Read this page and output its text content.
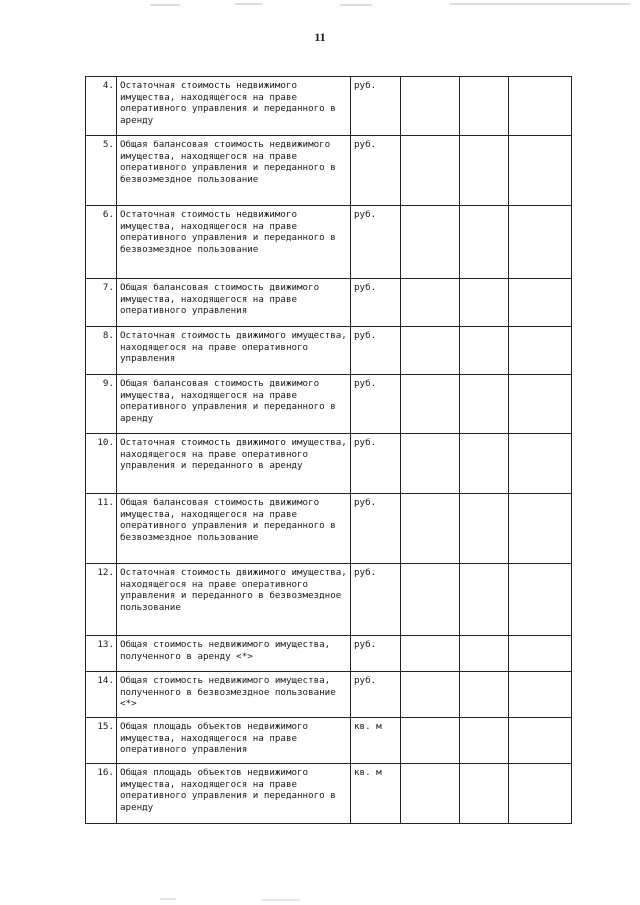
11
4.	Остаточная стоимость недвижимого имущества, находящегося на праве оперативного управления и переданного в аренду	руб.			
5.	Общая балансовая стоимость недвижимого имущества, находящегося на праве оперативного управления и переданного в безвозмездное пользование	руб.			
6.	Остаточная стоимость недвижимого имущества, находящегося на праве оперативного управления и переданного в безвозмездное пользование	руб.			
7.	Общая балансовая стоимость движимого имущества, находящегося на праве оперативного управления	руб.			
8.	Остаточная стоимость движимого имущества, находящегося на праве оперативного управления	руб.			
9.	Общая балансовая стоимость движимого имущества, находящегося на праве оперативного управления и переданного в аренду	руб.			
10.	Остаточная стоимость движимого имущества, находящегося на праве оперативного управления и переданного в аренду	руб.			
11.	Общая балансовая стоимость движимого имущества, находящегося на праве оперативного управления и переданного в безвозмездное пользование	руб.			
12.	Остаточная стоимость движимого имущества, находящегося на праве оперативного управления и переданного в безвозмездное пользование	руб.			
13.	Общая стоимость недвижимого имущества, полученного в аренду <*>	руб.			
14.	Общая стоимость недвижимого имущества, полученного в безвозмездное пользование <*>	руб.			
15.	Общая площадь объектов недвижимого имущества, находящегося на праве оперативного управления	кв. м			
16.	Общая площадь объектов недвижимого имущества, находящегося на праве оперативного управления и переданного в аренду	кв. м			
